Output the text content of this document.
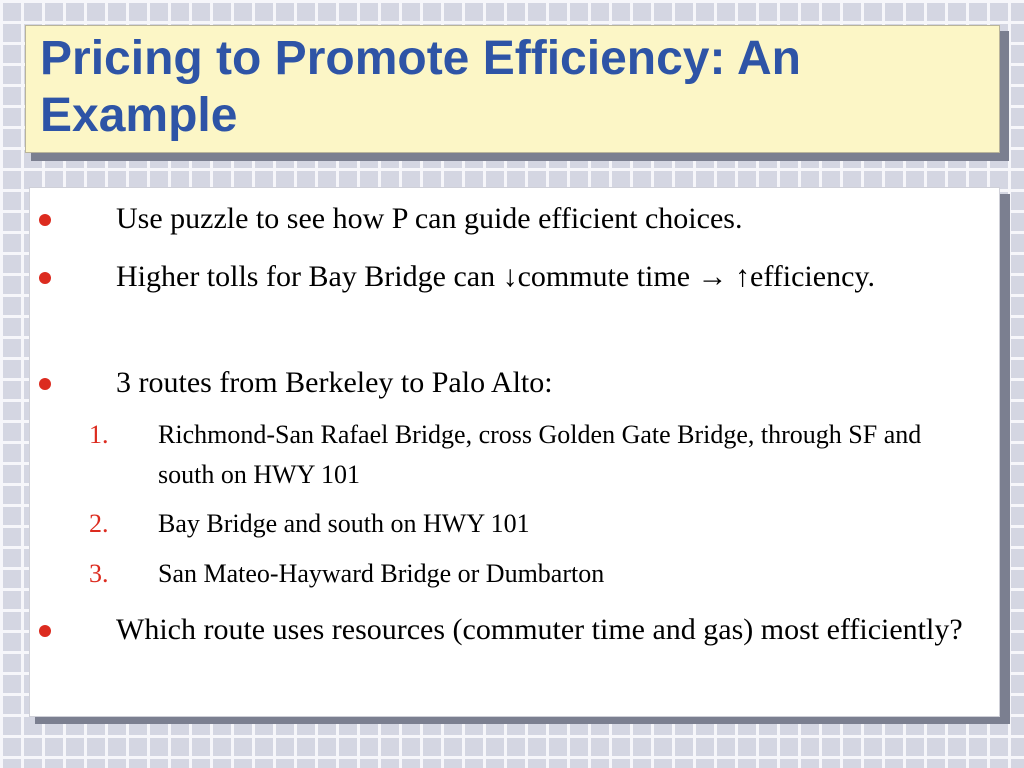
Pricing to Promote Efficiency: An Example

Use puzzle to see how P can guide efficient choices.

Higher tolls for Bay Bridge can ↓commute time → ↑efficiency.

3 routes from Berkeley to Palo Alto:

1. Richmond-San Rafael Bridge, cross Golden Gate Bridge, through SF and south on HWY 101

2. Bay Bridge and south on HWY 101

3. San Mateo-Hayward Bridge or Dumbarton

Which route uses resources (commuter time and gas) most efficiently?
